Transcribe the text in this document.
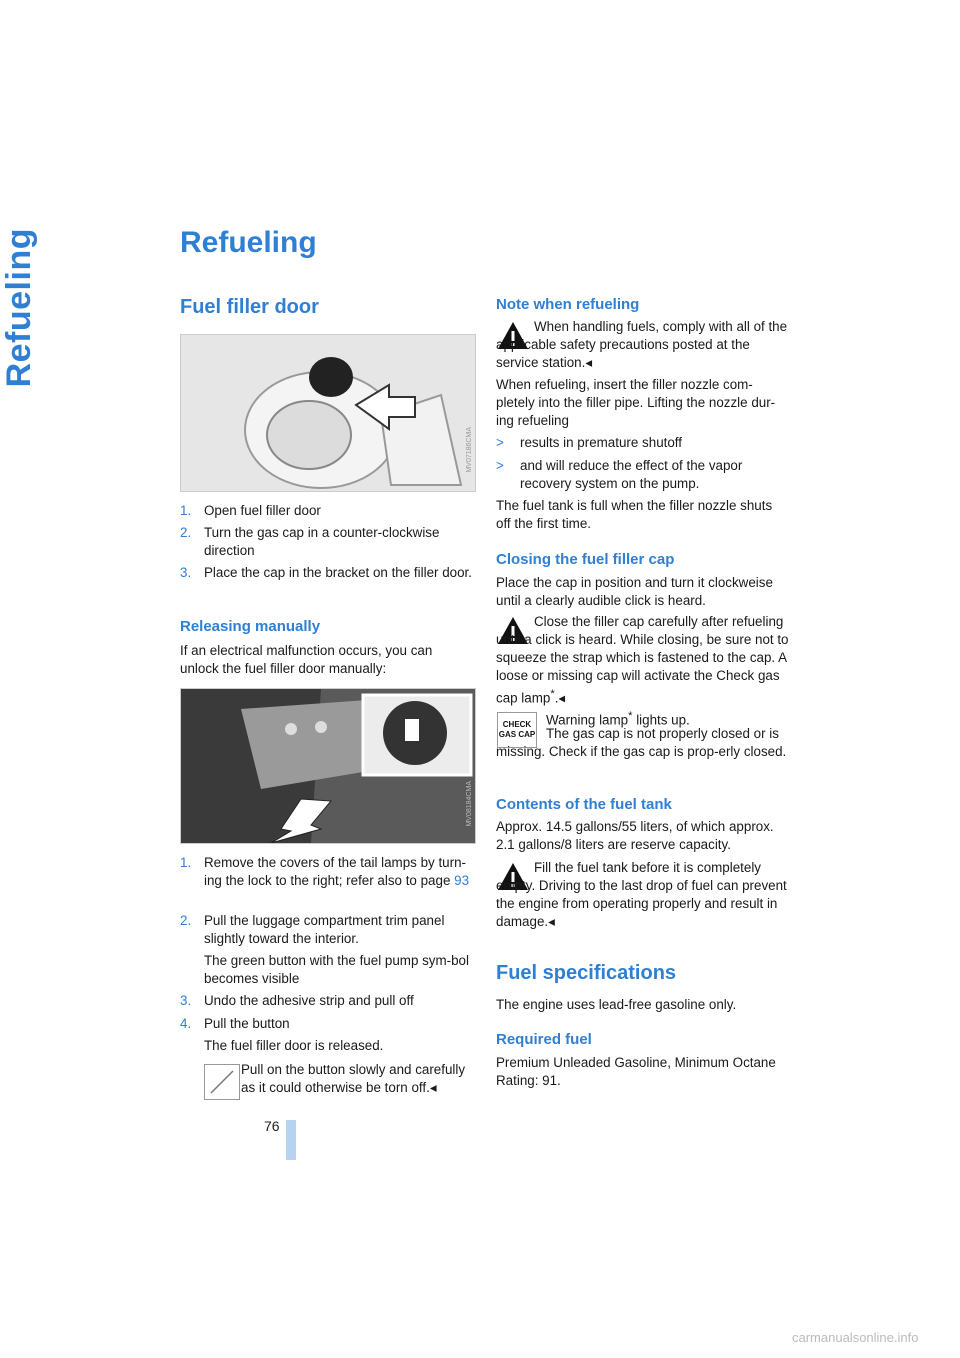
Refueling	Refueling
Fuel filler door
MV07186CMA

1. Open fuel filler door

2. Turn the gas cap in a counter-clockwise direction

3. Place the cap in the bracket on the filler door.

Releasing manually

If an electrical malfunction occurs, you can unlock the fuel filler door manually:

MV08184CMA

1. Remove the covers of the tail lamps by turn-ing the lock to the right; refer also to page 93

2. Pull the luggage compartment trim panel slightly toward the interior.

The green button with the fuel pump sym-bol becomes visible

3. Undo the adhesive strip and pull off

4. Pull the button

The fuel filler door is released.

Pull on the button slowly and carefully as it could otherwise be torn off.◂

Note when refueling

When handling fuels, comply with all of the applicable safety precautions posted at the service station.◂

When refueling, insert the filler nozzle com-pletely into the filler pipe. Lifting the nozzle dur-ing refueling

> results in premature shutoff

> and will reduce the effect of the vapor recovery system on the pump.

The fuel tank is full when the filler nozzle shuts off the first time.

Closing the fuel filler cap

Place the cap in position and turn it clockweise until a clearly audible click is heard.

Close the filler cap carefully after refueling until a click is heard. While closing, be sure not to squeeze the strap which is fastened to the cap. A loose or missing cap will activate the Check gas cap lamp*.◂

CHECK GAS CAP

Warning lamp* lights up.

The gas cap is not properly closed or is missing. Check if the gas cap is prop-erly closed.

Contents of the fuel tank

Approx. 14.5 gallons/55 liters, of which approx. 2.1 gallons/8 liters are reserve capacity.

Fill the fuel tank before it is completely empty. Driving to the last drop of fuel can prevent the engine from operating properly and result in damage.◂

Fuel specifications

The engine uses lead-free gasoline only.

Required fuel

Premium Unleaded Gasoline, Minimum Octane Rating: 91.

76
carmanualsonline.info
